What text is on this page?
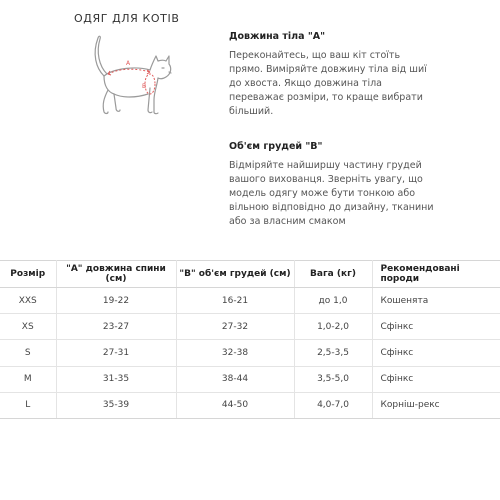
ОДЯГ ДЛЯ КОТІВ
A
B
Довжина тіла "А"

Переконайтесь, що ваш кіт стоїть
прямо. Виміряйте довжину тіла від шиї
до хвоста. Якщо довжина тіла
переважає розміри, то краще вибрати
більший.

Об'єм грудей "В"

Відміряйте найширшу частину грудей
вашого вихованця. Зверніть увагу, що
модель одягу може бути тонкою або
вільною відповідно до дизайну, тканини
або за власним смаком

Розмір	"А" довжина спини (см)	"В" об'єм грудей (см)	Вага (кг)	Рекомендовані породи
XXS	19-22	16-21	до 1,0	Кошенята
XS	23-27	27-32	1,0-2,0	Сфінкс
S	27-31	32-38	2,5-3,5	Сфінкс
M	31-35	38-44	3,5-5,0	Сфінкс
L	35-39	44-50	4,0-7,0	Корніш-рекс
